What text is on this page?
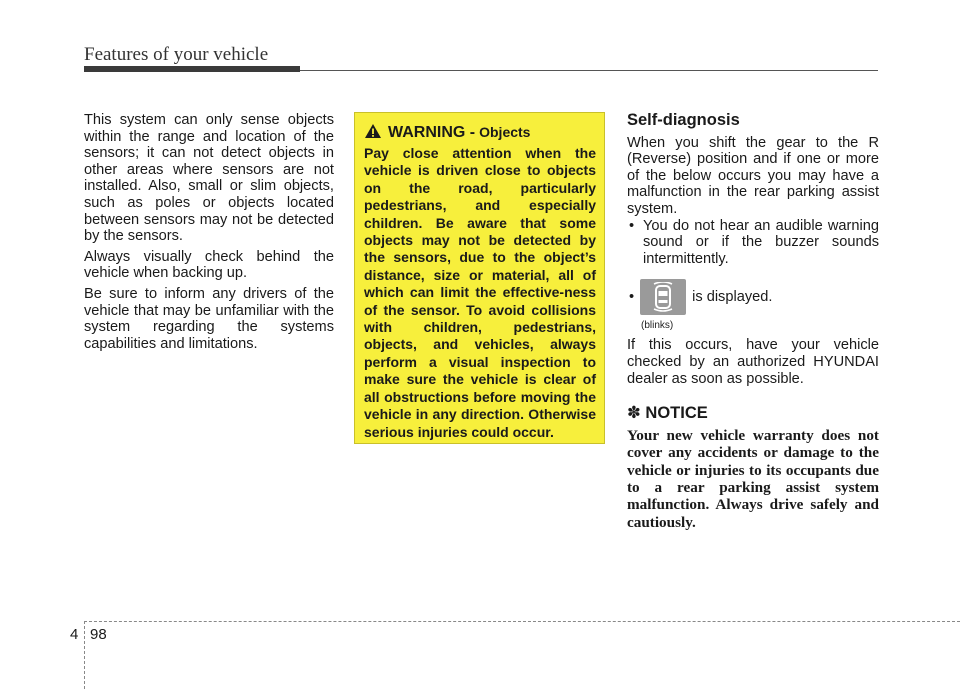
Features of your vehicle

This system can only sense objects within the range and location of the sensors; it can not detect objects in other areas where sensors are not installed. Also, small or slim objects, such as poles or objects located between sensors may not be detected by the sensors.

Always visually check behind the vehicle when backing up.

Be sure to inform any drivers of the vehicle that may be unfamiliar with the system regarding the systems capabilities and limitations.

WARNING - Objects

Pay close attention when the vehicle is driven close to objects on the road, particularly pedestrians, and especially children. Be aware that some objects may not be detected by the sensors, due to the object’s distance, size or material, all of which can limit the effective-ness of the sensor. To avoid collisions with children, pedestrians, objects, and vehicles, always perform a visual inspection to make sure the vehicle is clear of all obstructions before moving the vehicle in any direction. Otherwise serious injuries could occur.

Self-diagnosis

When you shift the gear to the R (Reverse) position and if one or more of the below occurs you may have a malfunction in the rear parking assist system.

• You do not hear an audible warning sound or if the buzzer sounds intermittently.

•	is displayed.
(blinks)

If this occurs, have your vehicle checked by an authorized HYUNDAI dealer as soon as possible.

✽ NOTICE

Your new vehicle warranty does not cover any accidents or damage to the vehicle or injuries to its occupants due to a rear parking assist system malfunction. Always drive safely and cautiously.

4 98
